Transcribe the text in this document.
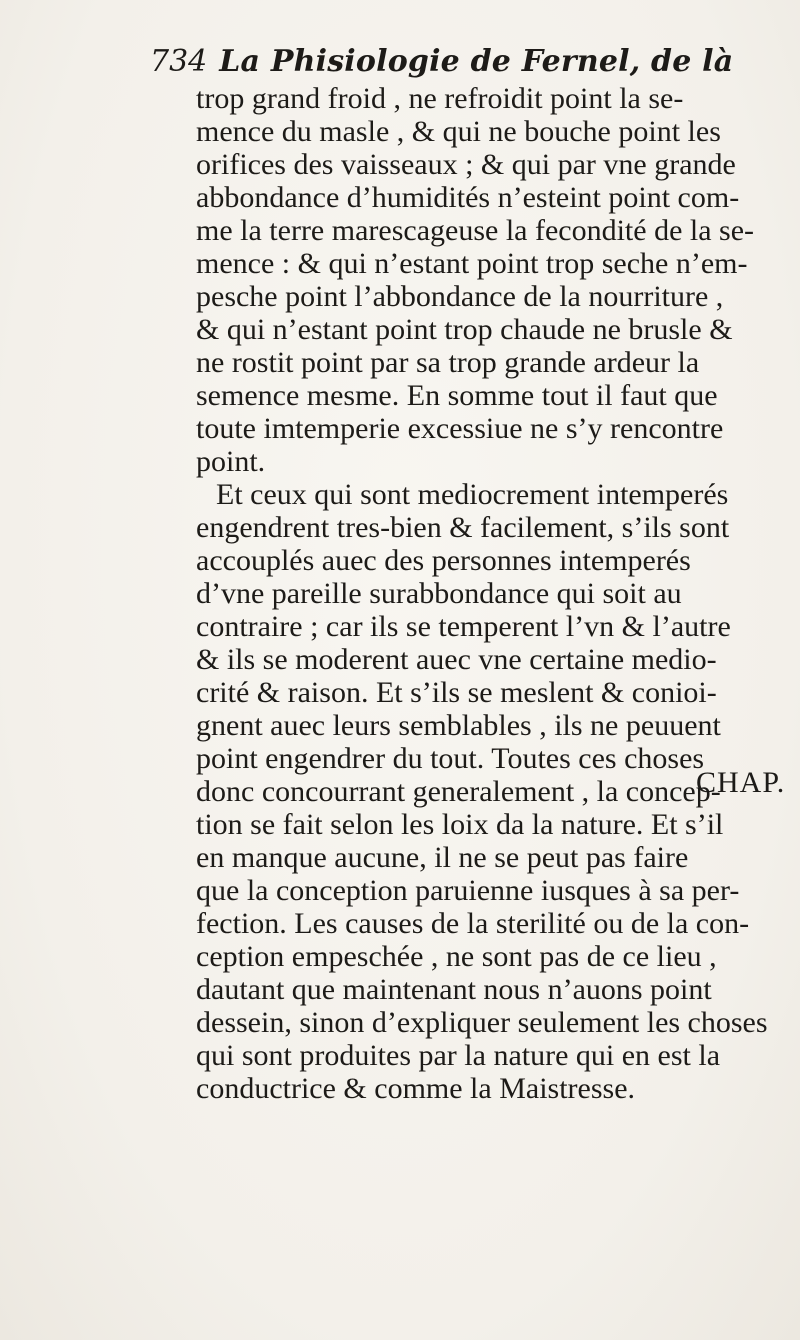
734 La Phisiologie de Fernel, de là
trop grand froid , ne refroidit point la se-
mence du masle , & qui ne bouche point les
orifices des vaisseaux ; & qui par vne grande
abbondance d’humidités n’esteint point com-
me la terre marescageuse la fecondité de la se-
mence : & qui n’estant point trop seche n’em-
pesche point l’abbondance de la nourriture ,
& qui n’estant point trop chaude ne brusle &
ne rostit point par sa trop grande ardeur la
semence mesme. En somme tout il faut que
toute imtemperie excessiue ne s’y rencontre
point.
Et ceux qui sont mediocrement intemperés
engendrent tres-bien & facilement, s’ils sont
accouplés auec des personnes intemperés
d’vne pareille surabbondance qui soit au
contraire ; car ils se temperent l’vn & l’autre
& ils se moderent auec vne certaine medio-
crité & raison. Et s’ils se meslent & conioi-
gnent auec leurs semblables , ils ne peuuent
point engendrer du tout. Toutes ces choses
donc concourrant generalement , la concep-
tion se fait selon les loix da la nature. Et s’il
en manque aucune, il ne se peut pas faire
que la conception paruienne iusques à sa per-
fection. Les causes de la sterilité ou de la con-
ception empeschée , ne sont pas de ce lieu ,
dautant que maintenant nous n’auons point
dessein, sinon d’expliquer seulement les choses
qui sont produites par la nature qui en est la
conductrice & comme la Maistresse.
CHAP.
